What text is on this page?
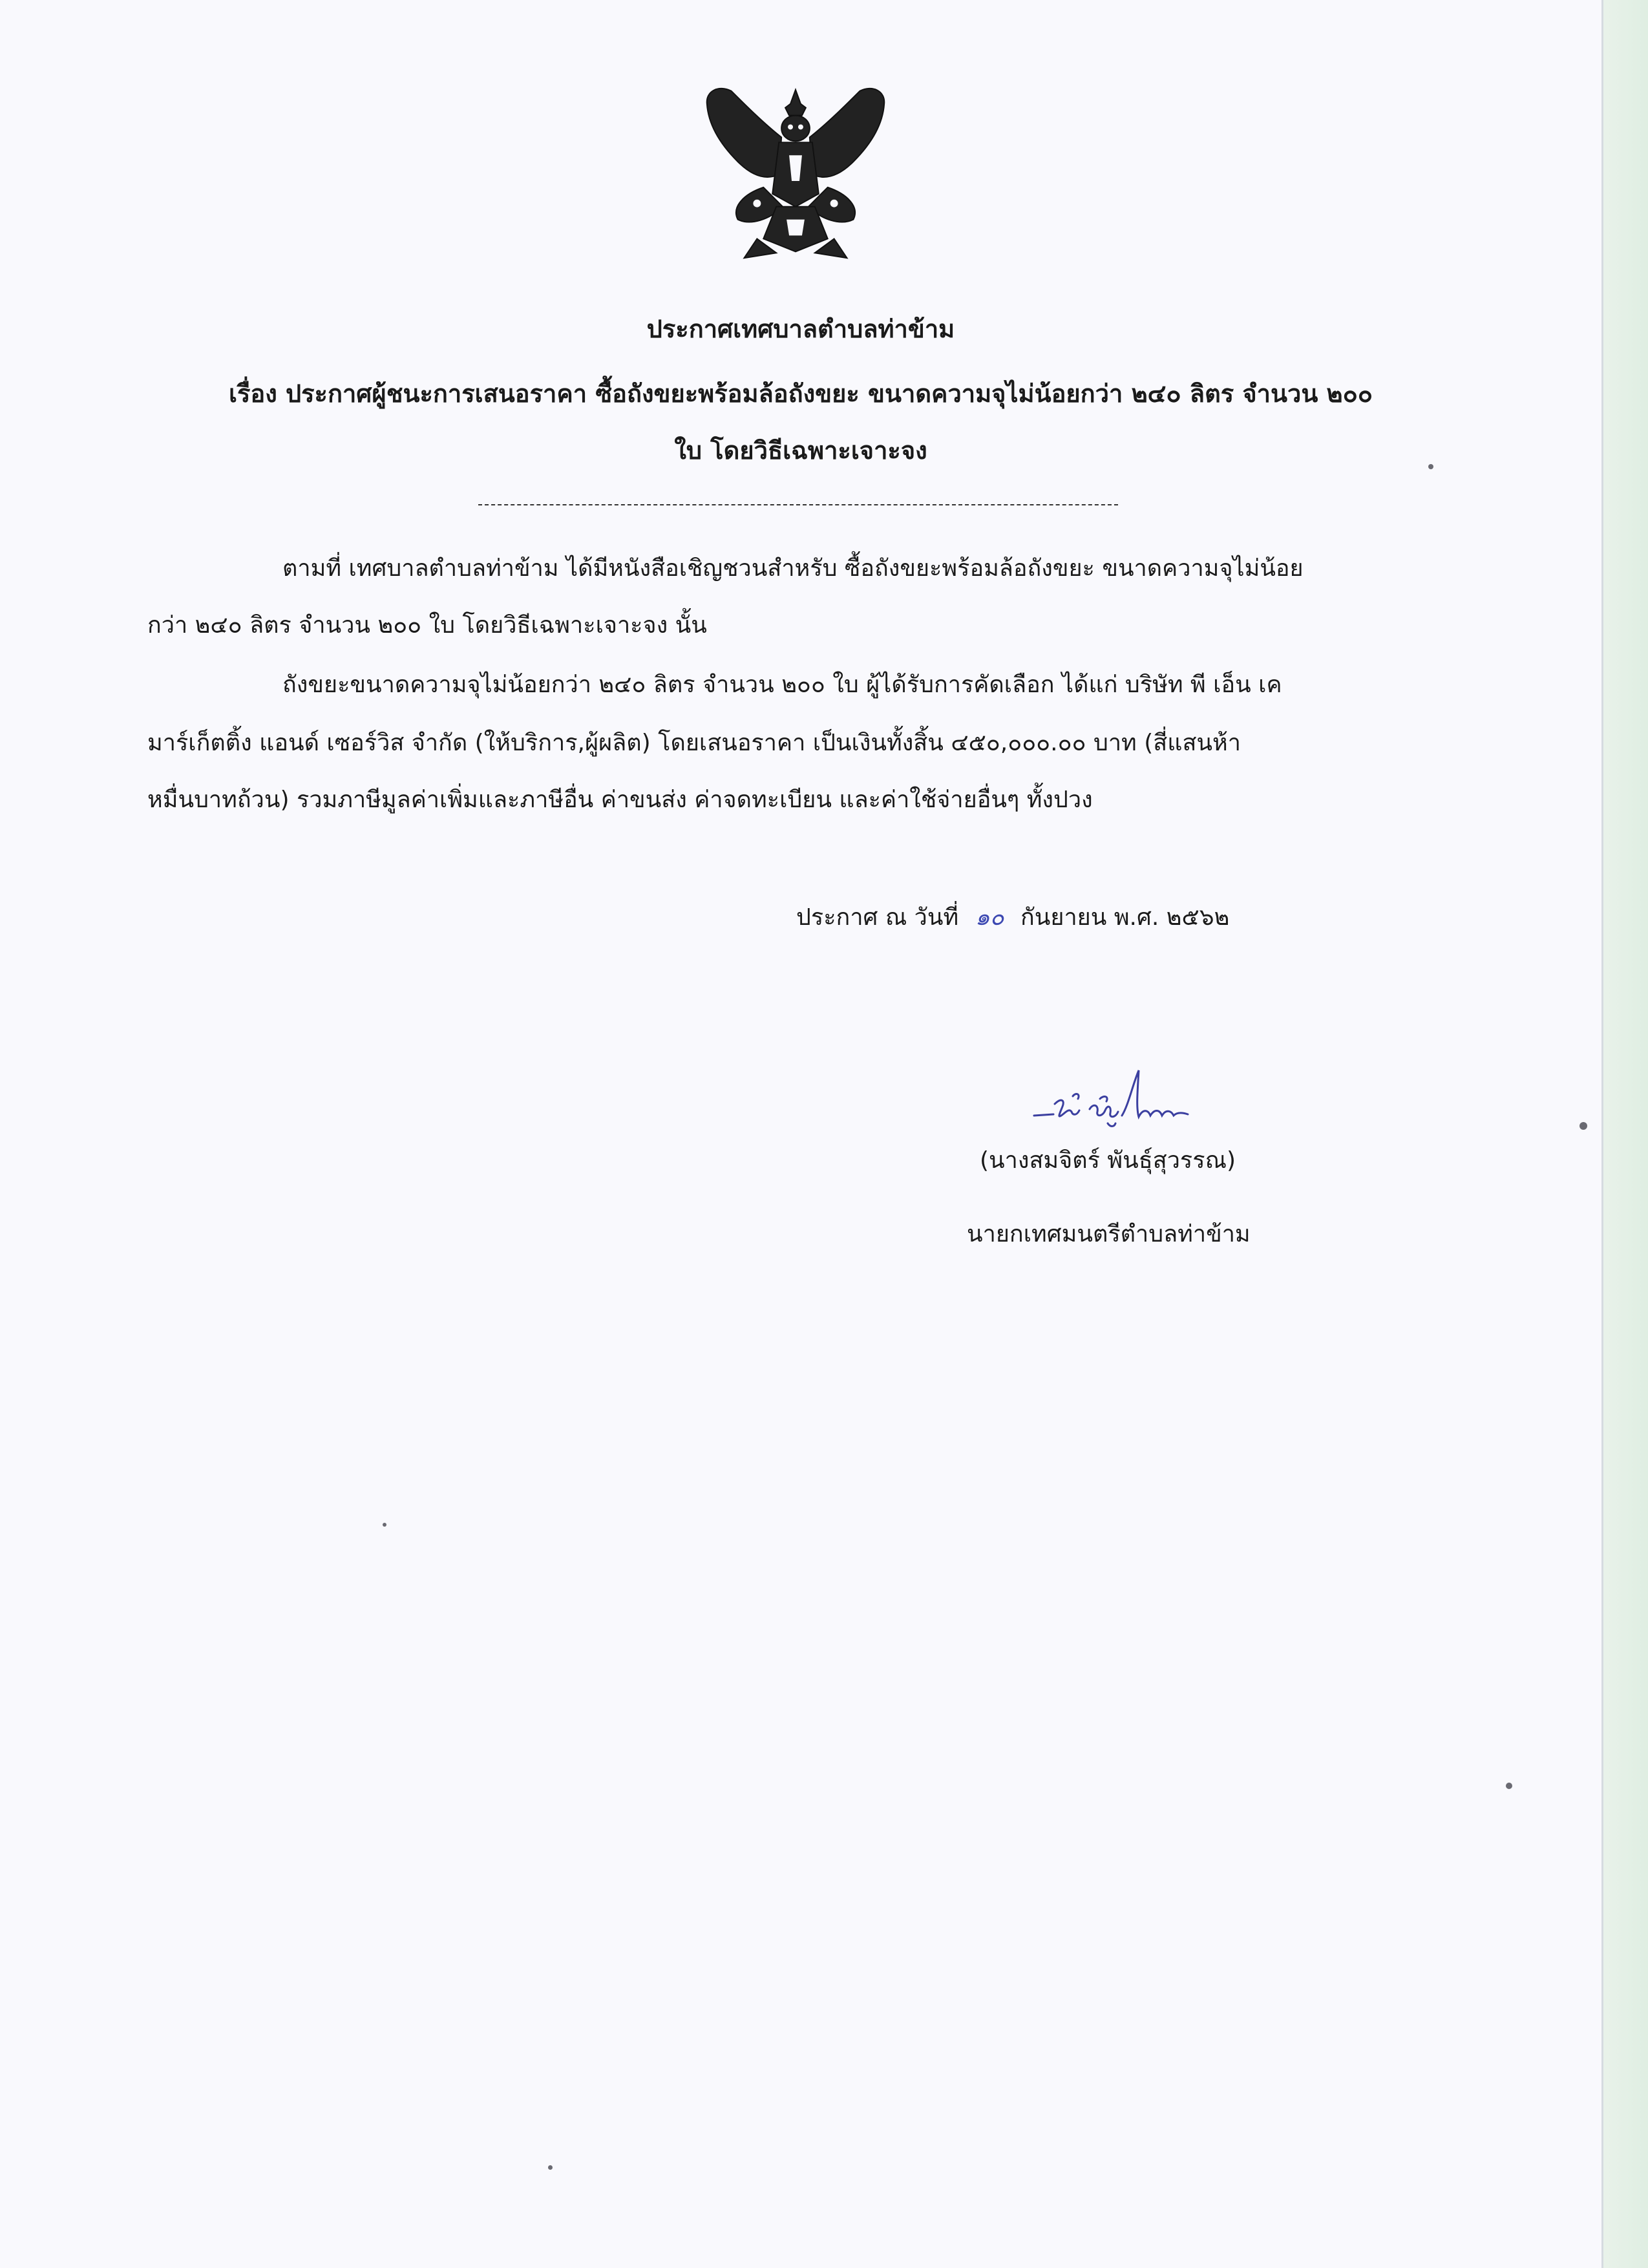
ประกาศเทศบาลตำบลท่าข้าม
เรื่อง ประกาศผู้ชนะการเสนอราคา ซื้อถังขยะพร้อมล้อถังขยะ ขนาดความจุไม่น้อยกว่า ๒๔๐ ลิตร จำนวน ๒๐๐
ใบ โดยวิธีเฉพาะเจาะจง
ตามที่ เทศบาลตำบลท่าข้าม ได้มีหนังสือเชิญชวนสำหรับ ซื้อถังขยะพร้อมล้อถังขยะ ขนาดความจุไม่น้อย
กว่า ๒๔๐ ลิตร จำนวน ๒๐๐ ใบ โดยวิธีเฉพาะเจาะจง นั้น
ถังขยะขนาดความจุไม่น้อยกว่า ๒๔๐ ลิตร จำนวน ๒๐๐ ใบ ผู้ได้รับการคัดเลือก ได้แก่ บริษัท พี เอ็น เค
มาร์เก็ตติ้ง แอนด์ เซอร์วิส จำกัด (ให้บริการ,ผู้ผลิต) โดยเสนอราคา เป็นเงินทั้งสิ้น ๔๕๐,๐๐๐.๐๐ บาท (สี่แสนห้า
หมื่นบาทถ้วน) รวมภาษีมูลค่าเพิ่มและภาษีอื่น ค่าขนส่ง ค่าจดทะเบียน และค่าใช้จ่ายอื่นๆ ทั้งปวง
ประกาศ ณ วันที่ ๑๐ กันยายน พ.ศ. ๒๕๖๒
(นางสมจิตร์ พันธุ์สุวรรณ)
นายกเทศมนตรีตำบลท่าข้าม
